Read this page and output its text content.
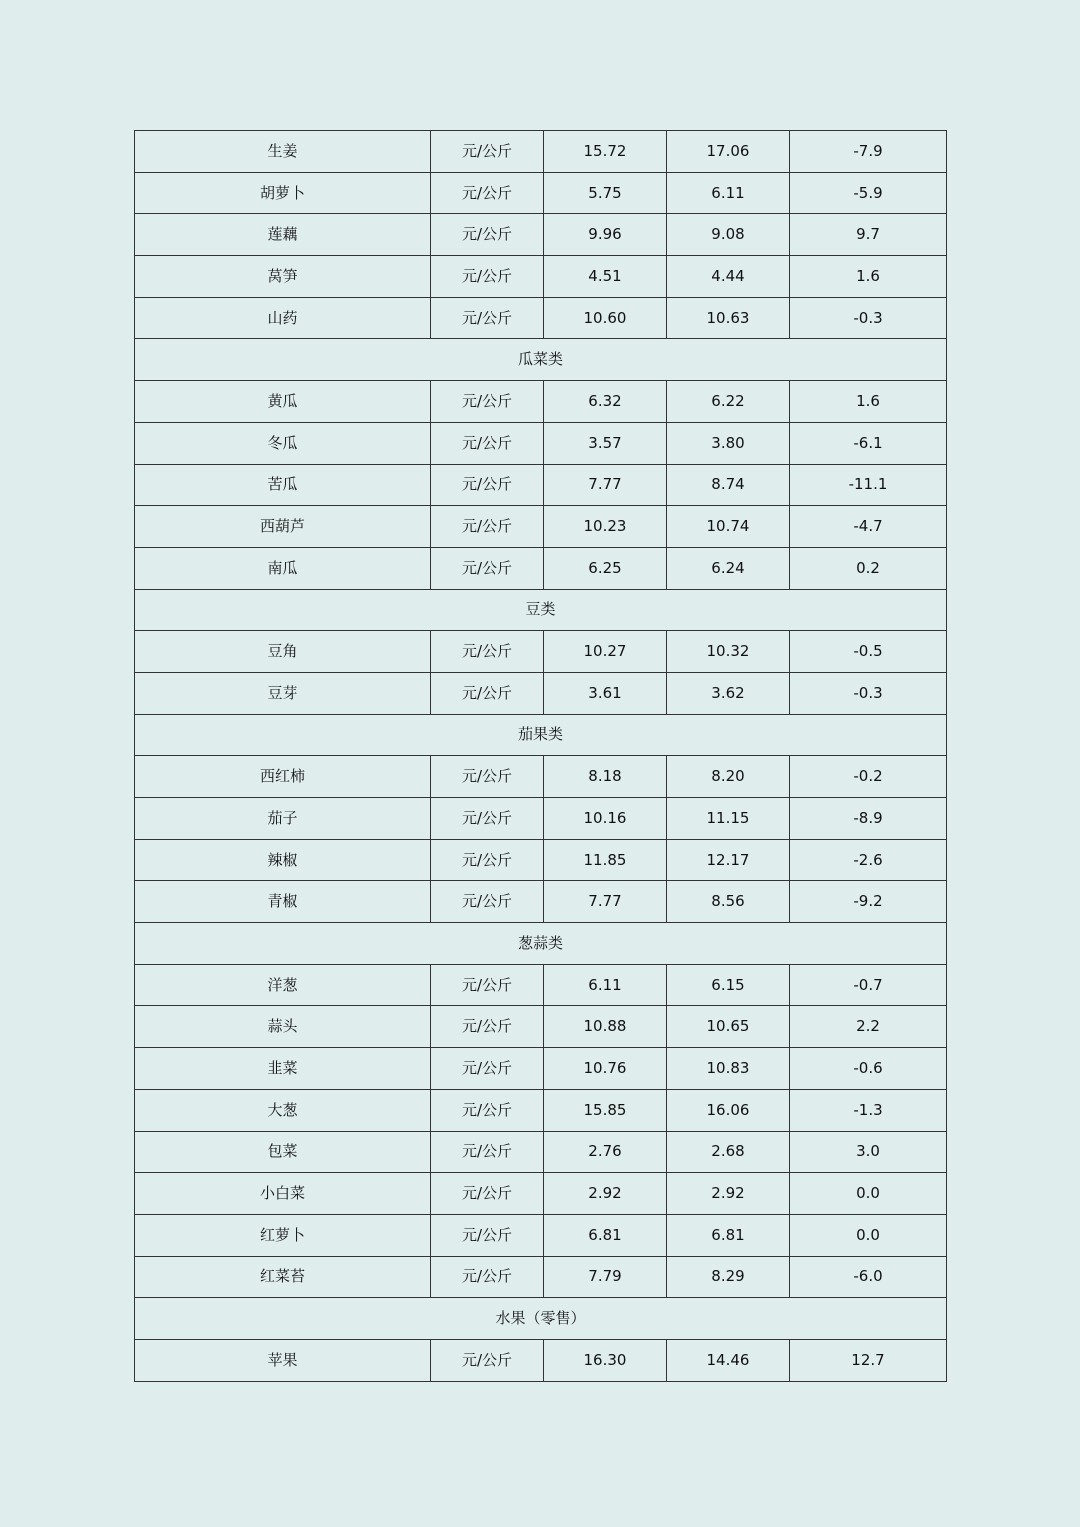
生姜	元/公斤	15.72	17.06	-7.9
胡萝卜	元/公斤	5.75	6.11	-5.9
莲藕	元/公斤	9.96	9.08	9.7
莴笋	元/公斤	4.51	4.44	1.6
山药	元/公斤	10.60	10.63	-0.3
瓜菜类				
黄瓜	元/公斤	6.32	6.22	1.6
冬瓜	元/公斤	3.57	3.80	-6.1
苦瓜	元/公斤	7.77	8.74	-11.1
西葫芦	元/公斤	10.23	10.74	-4.7
南瓜	元/公斤	6.25	6.24	0.2
豆类				
豆角	元/公斤	10.27	10.32	-0.5
豆芽	元/公斤	3.61	3.62	-0.3
茄果类				
西红柿	元/公斤	8.18	8.20	-0.2
茄子	元/公斤	10.16	11.15	-8.9
辣椒	元/公斤	11.85	12.17	-2.6
青椒	元/公斤	7.77	8.56	-9.2
葱蒜类				
洋葱	元/公斤	6.11	6.15	-0.7
蒜头	元/公斤	10.88	10.65	2.2
韭菜	元/公斤	10.76	10.83	-0.6
大葱	元/公斤	15.85	16.06	-1.3
包菜	元/公斤	2.76	2.68	3.0
小白菜	元/公斤	2.92	2.92	0.0
红萝卜	元/公斤	6.81	6.81	0.0
红菜苔	元/公斤	7.79	8.29	-6.0
水果（零售）				
苹果	元/公斤	16.30	14.46	12.7
